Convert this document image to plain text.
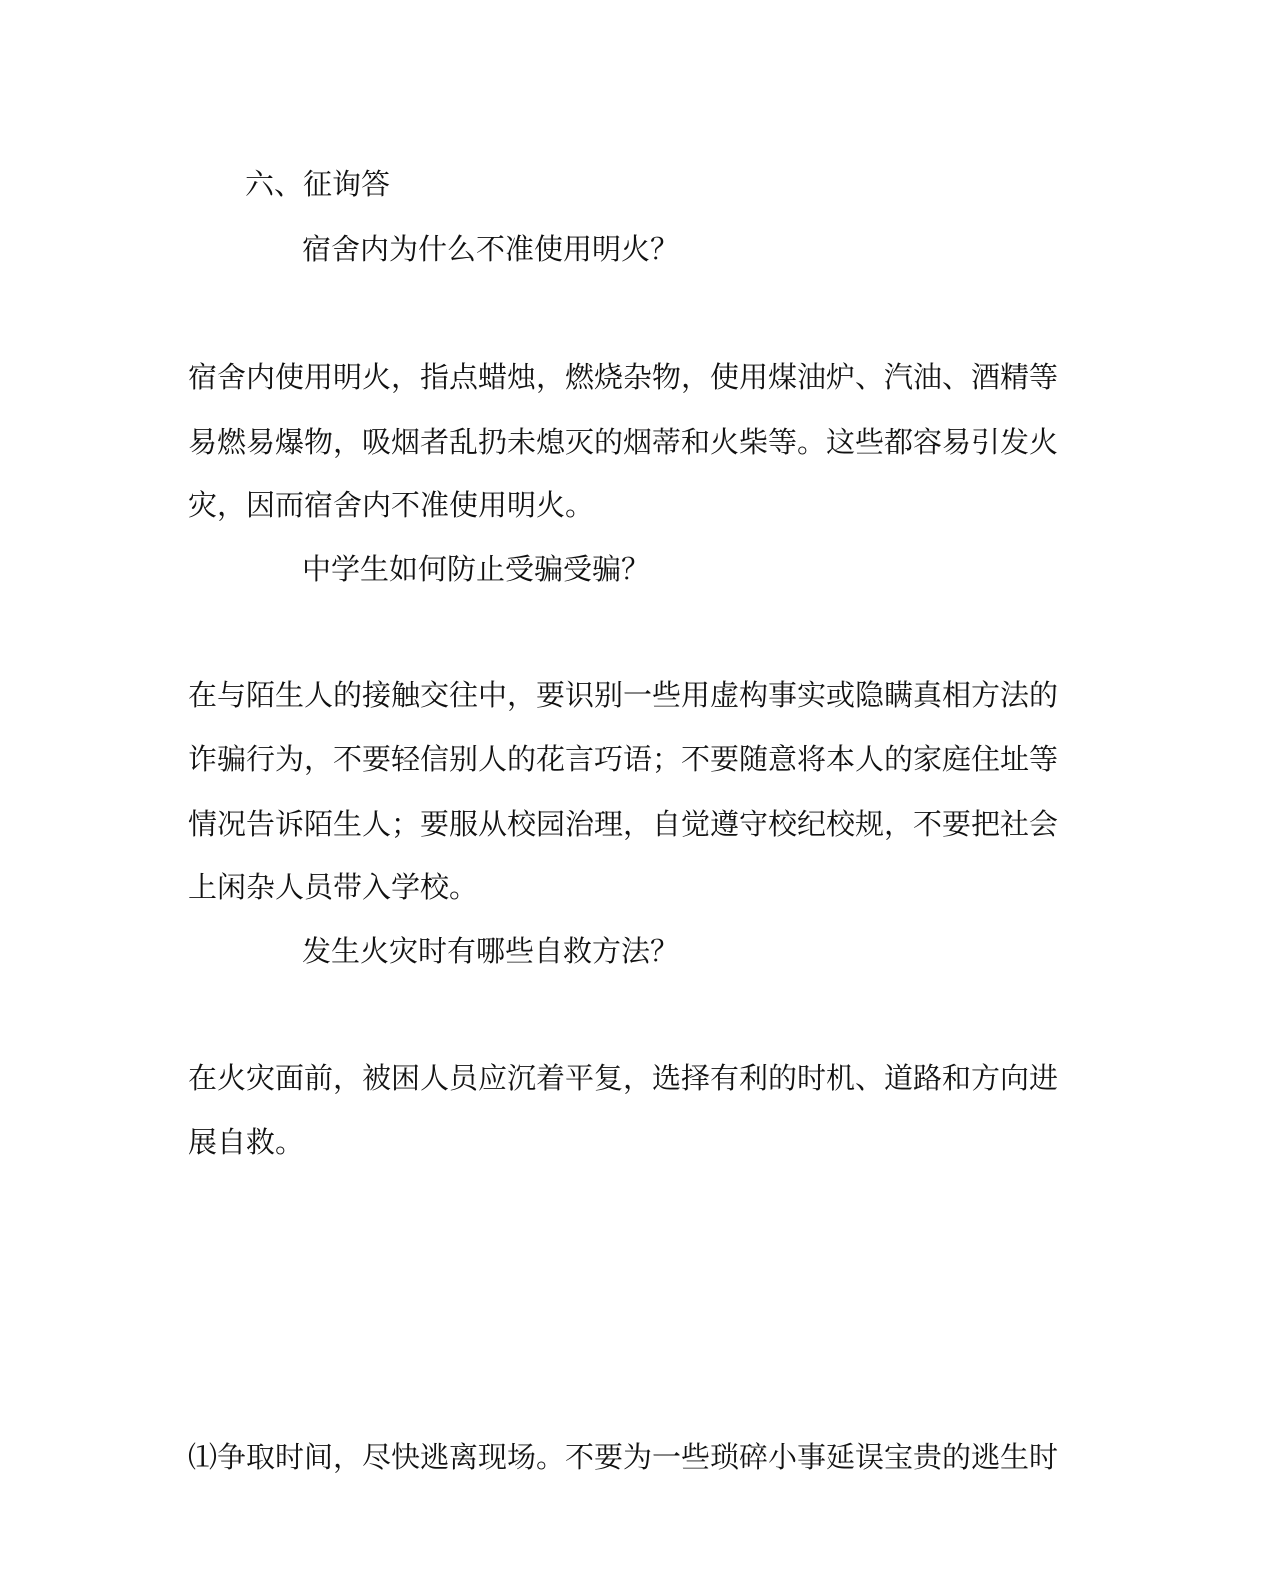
六、征询答
宿舍内为什么不准使用明火？
宿舍内使用明火，指点蜡烛，燃烧杂物，使用煤油炉、汽油、酒精等
易燃易爆物，吸烟者乱扔未熄灭的烟蒂和火柴等。这些都容易引发火
灾，因而宿舍内不准使用明火。
中学生如何防止受骗受骗？
在与陌生人的接触交往中，要识别一些用虚构事实或隐瞒真相方法的
诈骗行为，不要轻信别人的花言巧语；不要随意将本人的家庭住址等
情况告诉陌生人；要服从校园治理，自觉遵守校纪校规，不要把社会
上闲杂人员带入学校。
发生火灾时有哪些自救方法？
在火灾面前，被困人员应沉着平复，选择有利的时机、道路和方向进
展自救。
⑴争取时间，尽快逃离现场。不要为一些琐碎小事延误宝贵的逃生时
